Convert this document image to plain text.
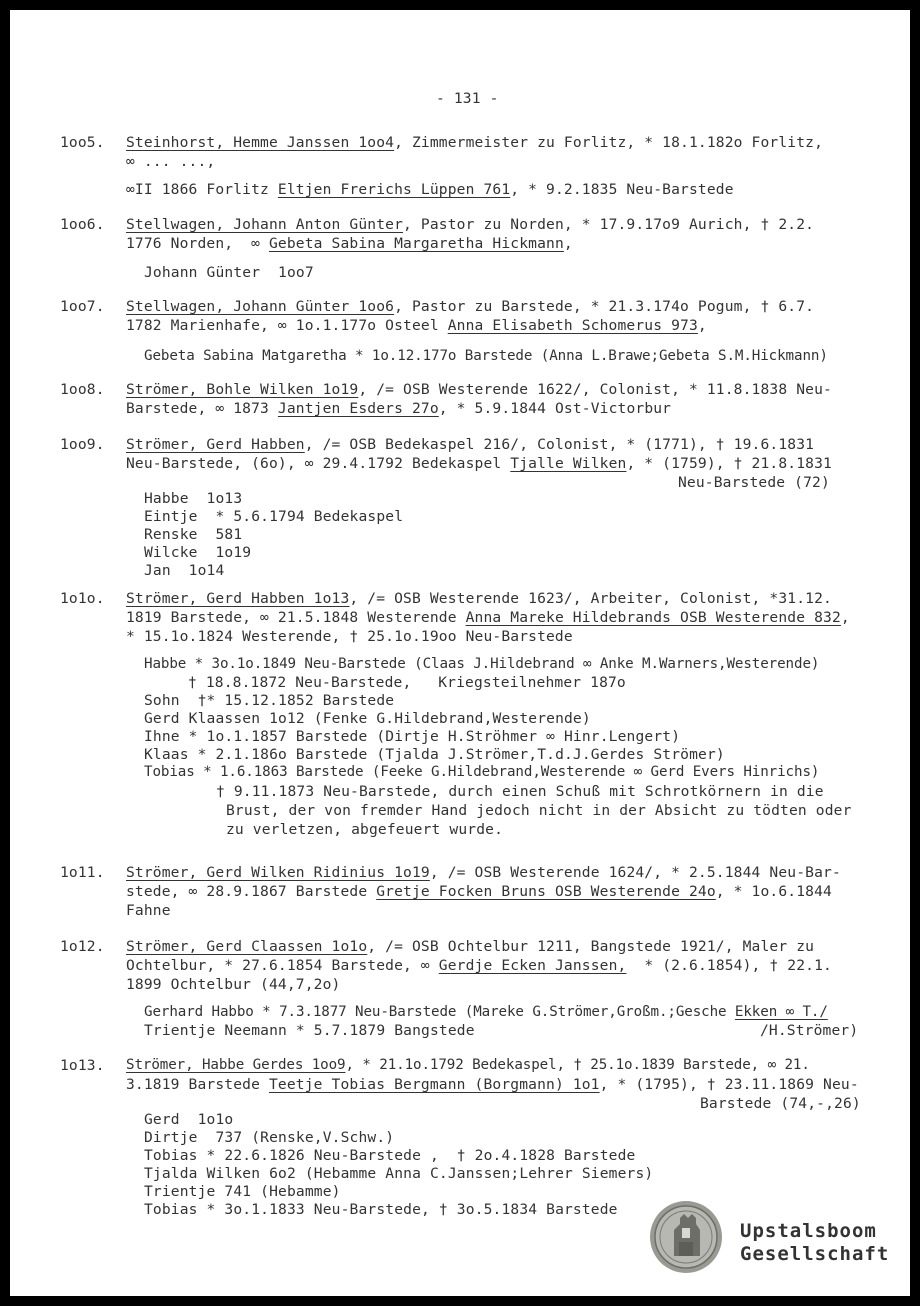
- 131 -
1oo5. Steinhorst, Hemme Janssen 1oo4, Zimmermeister zu Forlitz, * 18.1.182o Forlitz,
∞ ... ...,
∞II 1866 Forlitz Eltjen Frerichs Lüppen 761, * 9.2.1835 Neu-Barstede
1oo6. Stellwagen, Johann Anton Günter, Pastor zu Norden, * 17.9.17o9 Aurich, † 2.2.
1776 Norden,  ∞ Gebeta Sabina Margaretha Hickmann,
Johann Günter  1oo7
1oo7. Stellwagen, Johann Günter 1oo6, Pastor zu Barstede, * 21.3.174o Pogum, † 6.7.
1782 Marienhafe, ∞ 1o.1.177o Osteel Anna Elisabeth Schomerus 973,
Gebeta Sabina Matgaretha * 1o.12.177o Barstede (Anna L.Brawe;Gebeta S.M.Hickmann)
1oo8. Strömer, Bohle Wilken 1o19, /= OSB Westerende 1622/, Colonist, * 11.8.1838 Neu-
Barstede, ∞ 1873 Jantjen Esders 27o, * 5.9.1844 Ost-Victorbur
1oo9. Strömer, Gerd Habben, /= OSB Bedekaspel 216/, Colonist, * (1771), † 19.6.1831
Neu-Barstede, (6o), ∞ 29.4.1792 Bedekaspel Tjalle Wilken, * (1759), † 21.8.1831
Neu-Barstede (72)
Habbe  1o13
Eintje  * 5.6.1794 Bedekaspel
Renske  581
Wilcke  1o19
Jan  1o14
1o1o. Strömer, Gerd Habben 1o13, /= OSB Westerende 1623/, Arbeiter, Colonist, *31.12.
1819 Barstede, ∞ 21.5.1848 Westerende Anna Mareke Hildebrands OSB Westerende 832,
* 15.1o.1824 Westerende, † 25.1o.19oo Neu-Barstede
Habbe * 3o.1o.1849 Neu-Barstede (Claas J.Hildebrand ∞ Anke M.Warners,Westerende)
† 18.8.1872 Neu-Barstede,   Kriegsteilnehmer 187o
Sohn  †* 15.12.1852 Barstede
Gerd Klaassen 1o12 (Fenke G.Hildebrand,Westerende)
Ihne * 1o.1.1857 Barstede (Dirtje H.Ströhmer ∞ Hinr.Lengert)
Klaas * 2.1.186o Barstede (Tjalda J.Strömer,T.d.J.Gerdes Strömer)
Tobias * 1.6.1863 Barstede (Feeke G.Hildebrand,Westerende ∞ Gerd Evers Hinrichs)
† 9.11.1873 Neu-Barstede, durch einen Schuß mit Schrotkörnern in die
Brust, der von fremder Hand jedoch nicht in der Absicht zu tödten oder
zu verletzen, abgefeuert wurde.
1o11. Strömer, Gerd Wilken Ridinius 1o19, /= OSB Westerende 1624/, * 2.5.1844 Neu-Bar-
stede, ∞ 28.9.1867 Barstede Gretje Focken Bruns OSB Westerende 24o, * 1o.6.1844
Fahne
1o12. Strömer, Gerd Claassen 1o1o, /= OSB Ochtelbur 1211, Bangstede 1921/, Maler zu
Ochtelbur, * 27.6.1854 Barstede, ∞ Gerdje Ecken Janssen,  * (2.6.1854), † 22.1.
1899 Ochtelbur (44,7,2o)
Gerhard Habbo * 7.3.1877 Neu-Barstede (Mareke G.Strömer,Großm.;Gesche Ekken ∞ T./
Trientje Neemann * 5.7.1879 Bangstede	/H.Strömer)
1o13. Strömer, Habbe Gerdes 1oo9, * 21.1o.1792 Bedekaspel, † 25.1o.1839 Barstede, ∞ 21.
3.1819 Barstede Teetje Tobias Bergmann (Borgmann) 1o1, * (1795), † 23.11.1869 Neu-
Barstede (74,-,26)
Gerd  1o1o
Dirtje  737 (Renske,V.Schw.)
Tobias * 22.6.1826 Neu-Barstede ,  † 2o.4.1828 Barstede
Tjalda Wilken 6o2 (Hebamme Anna C.Janssen;Lehrer Siemers)
Trientje 741 (Hebamme)
Tobias * 3o.1.1833 Neu-Barstede, † 3o.5.1834 Barstede
Upstalsboom
Gesellschaft
